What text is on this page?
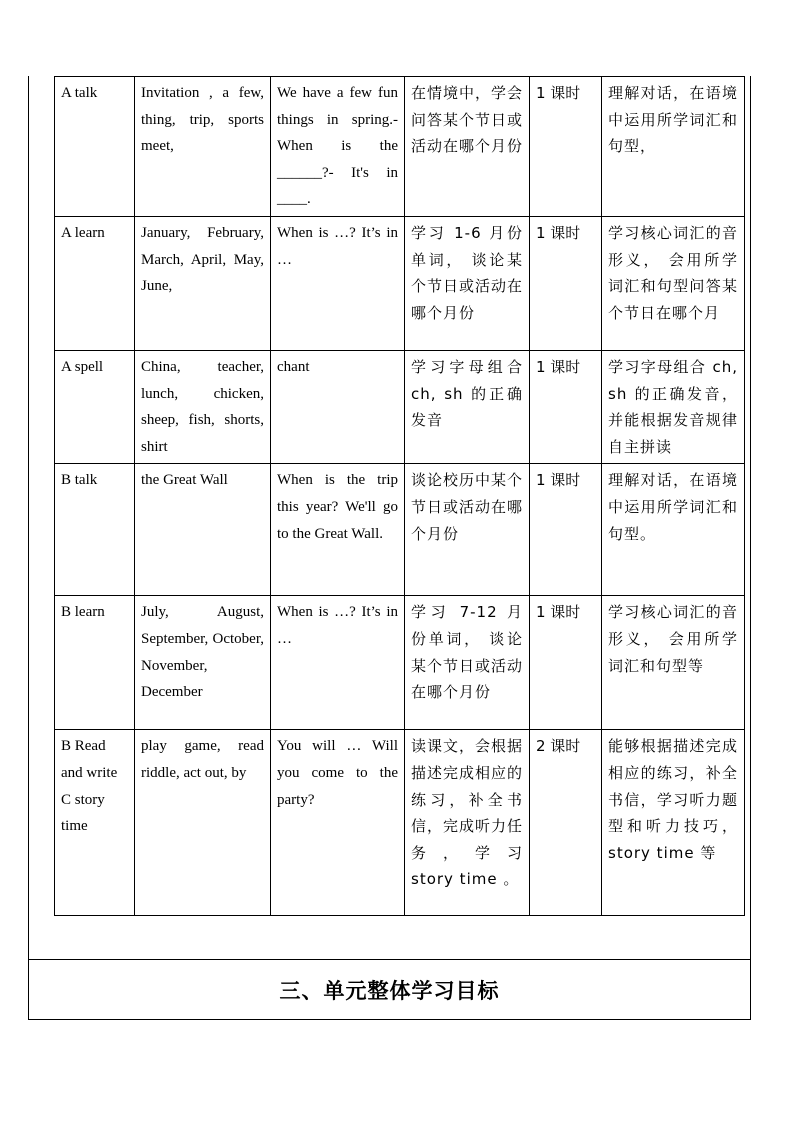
A talk	Invitation , a few, thing, trip, sports meet,	We have a few fun things in spring.-When is the ______?- It's in ____.	在情境中，学会问答某个节日或活动在哪个月份	1 课时	理解对话，在语境中运用所学词汇和句型，
A learn	January, February, March, April, May, June,	When is …? It’s in …	学习 1-6 月份单词， 谈论某个节日或活动在哪个月份	1 课时	学习核心词汇的音形义， 会用所学词汇和句型问答某个节日在哪个月
A spell	China, teacher, lunch, chicken, sheep, fish, shorts, shirt	chant	学习字母组合 ch, sh 的正确发音	1 课时	学习字母组合 ch, sh 的正确发音，并能根据发音规律自主拼读
B talk	the Great Wall	When is the trip this year? We'll go to the Great Wall.	谈论校历中某个节日或活动在哪个月份	1 课时	理解对话，在语境中运用所学词汇和句型。
B learn	July, August, September, October, November, December	When is …? It’s in …	学习 7-12 月份单词， 谈论某个节日或活动在哪个月份	1 课时	学习核心词汇的音形义， 会用所学词汇和句型等
B Read and write C story time	play game, read riddle, act out, by	You will … Will you come to the party?	读课文，会根据描述完成相应的练习，补全书信，完成听力任务，学习 story time 。	2 课时	能够根据描述完成相应的练习，补全书信，学习听力题型和听力技巧，story time 等
三、单元整体学习目标
